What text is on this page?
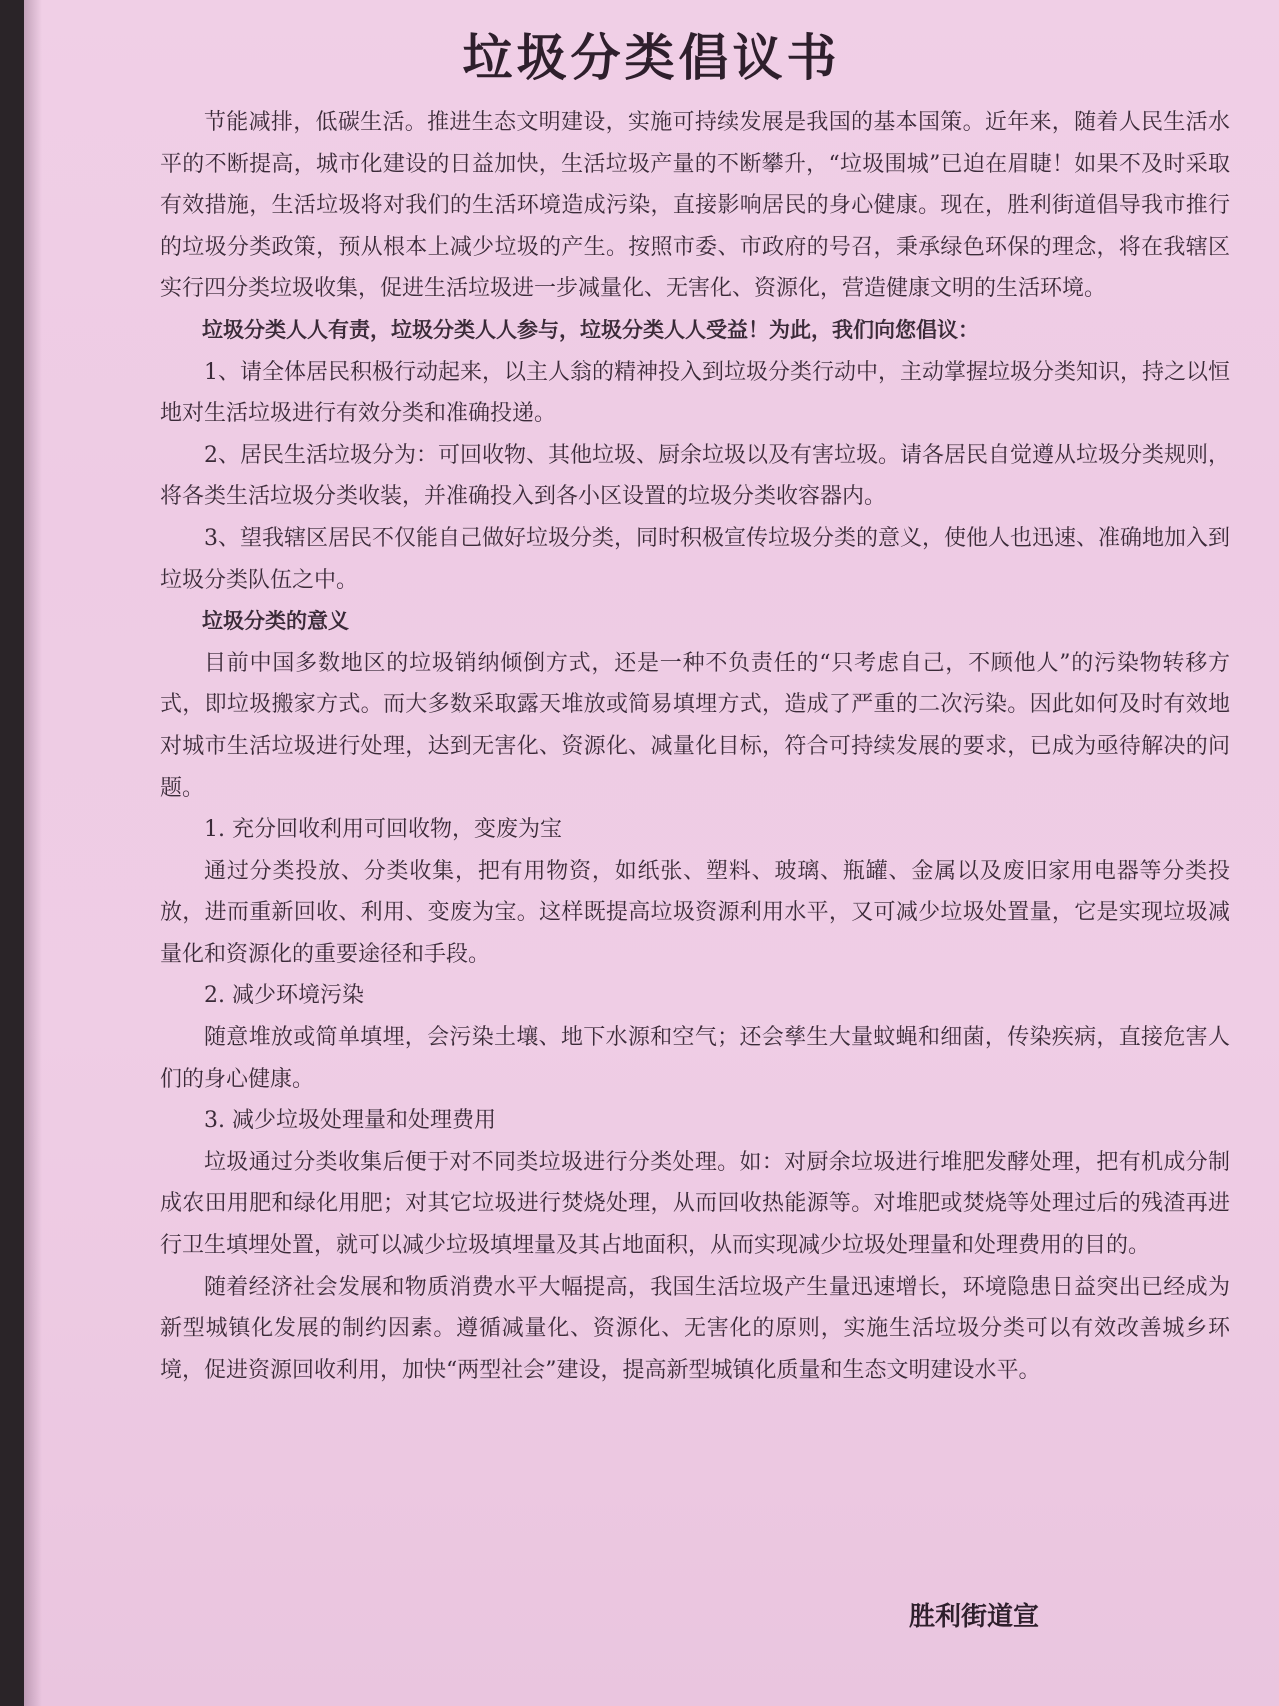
垃圾分类倡议书

节能减排，低碳生活。推进生态文明建设，实施可持续发展是我国的基本国策。近年来，随着人民生活水平的不断提高，城市化建设的日益加快，生活垃圾产量的不断攀升，“垃圾围城”已迫在眉睫！如果不及时采取有效措施，生活垃圾将对我们的生活环境造成污染，直接影响居民的身心健康。现在，胜利街道倡导我市推行的垃圾分类政策，预从根本上减少垃圾的产生。按照市委、市政府的号召，秉承绿色环保的理念，将在我辖区实行四分类垃圾收集，促进生活垃圾进一步减量化、无害化、资源化，营造健康文明的生活环境。

垃圾分类人人有责，垃圾分类人人参与，垃圾分类人人受益！为此，我们向您倡议：

1、请全体居民积极行动起来，以主人翁的精神投入到垃圾分类行动中，主动掌握垃圾分类知识，持之以恒地对生活垃圾进行有效分类和准确投递。

2、居民生活垃圾分为：可回收物、其他垃圾、厨余垃圾以及有害垃圾。请各居民自觉遵从垃圾分类规则，将各类生活垃圾分类收装，并准确投入到各小区设置的垃圾分类收容器内。

3、望我辖区居民不仅能自己做好垃圾分类，同时积极宣传垃圾分类的意义，使他人也迅速、准确地加入到垃圾分类队伍之中。

垃圾分类的意义

目前中国多数地区的垃圾销纳倾倒方式，还是一种不负责任的“只考虑自己，不顾他人”的污染物转移方式，即垃圾搬家方式。而大多数采取露天堆放或简易填埋方式，造成了严重的二次污染。因此如何及时有效地对城市生活垃圾进行处理，达到无害化、资源化、减量化目标，符合可持续发展的要求，已成为亟待解决的问题。

1. 充分回收利用可回收物，变废为宝

通过分类投放、分类收集，把有用物资，如纸张、塑料、玻璃、瓶罐、金属以及废旧家用电器等分类投放，进而重新回收、利用、变废为宝。这样既提高垃圾资源利用水平，又可减少垃圾处置量，它是实现垃圾减量化和资源化的重要途径和手段。

2. 减少环境污染

随意堆放或简单填埋，会污染土壤、地下水源和空气；还会孳生大量蚊蝇和细菌，传染疾病，直接危害人们的身心健康。

3. 减少垃圾处理量和处理费用

垃圾通过分类收集后便于对不同类垃圾进行分类处理。如：对厨余垃圾进行堆肥发酵处理，把有机成分制成农田用肥和绿化用肥；对其它垃圾进行焚烧处理，从而回收热能源等。对堆肥或焚烧等处理过后的残渣再进行卫生填埋处置，就可以减少垃圾填埋量及其占地面积，从而实现减少垃圾处理量和处理费用的目的。

随着经济社会发展和物质消费水平大幅提高，我国生活垃圾产生量迅速增长，环境隐患日益突出已经成为新型城镇化发展的制约因素。遵循减量化、资源化、无害化的原则，实施生活垃圾分类可以有效改善城乡环境，促进资源回收利用，加快“两型社会”建设，提高新型城镇化质量和生态文明建设水平。

胜利街道宣
